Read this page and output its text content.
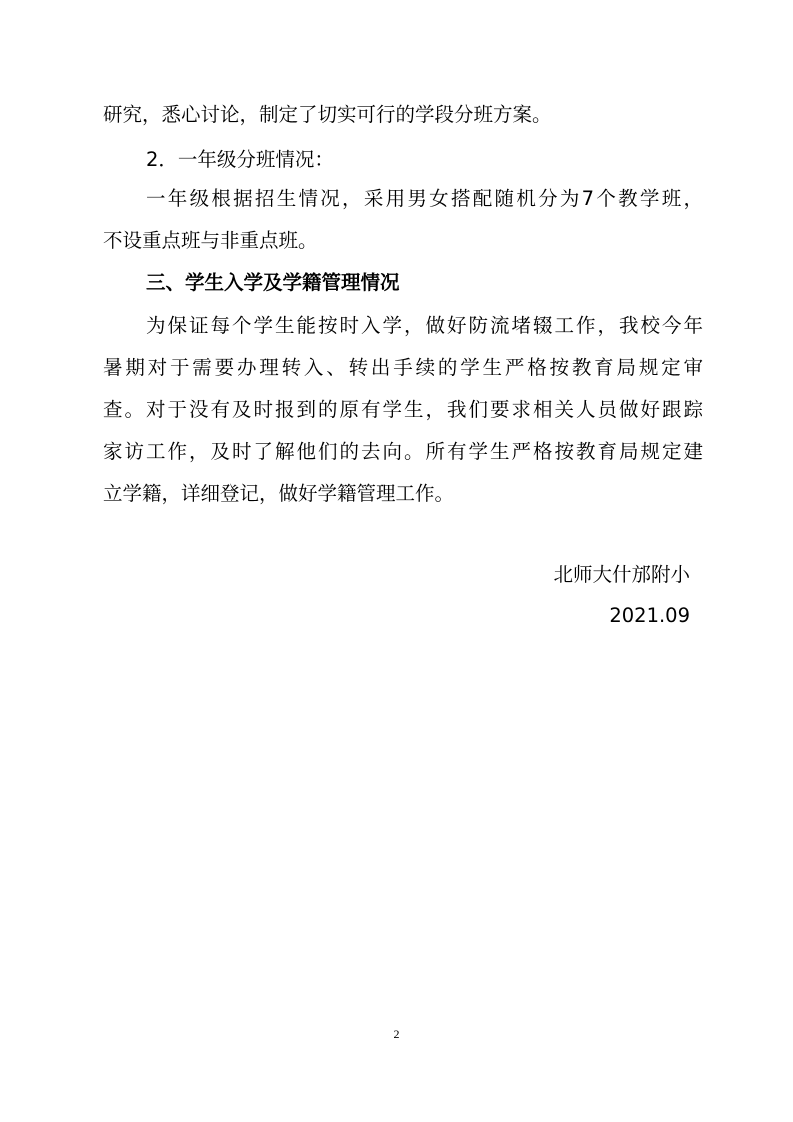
研究，悉心讨论，制定了切实可行的学段分班方案。
2．一年级分班情况：
一年级根据招生情况，采用男女搭配随机分为7个教学班，
不设重点班与非重点班。
三、学生入学及学籍管理情况
为保证每个学生能按时入学，做好防流堵辍工作，我校今年
暑期对于需要办理转入、转出手续的学生严格按教育局规定审
查。对于没有及时报到的原有学生，我们要求相关人员做好跟踪
家访工作，及时了解他们的去向。所有学生严格按教育局规定建
立学籍，详细登记，做好学籍管理工作。
北师大什邡附小
2021.09
2
